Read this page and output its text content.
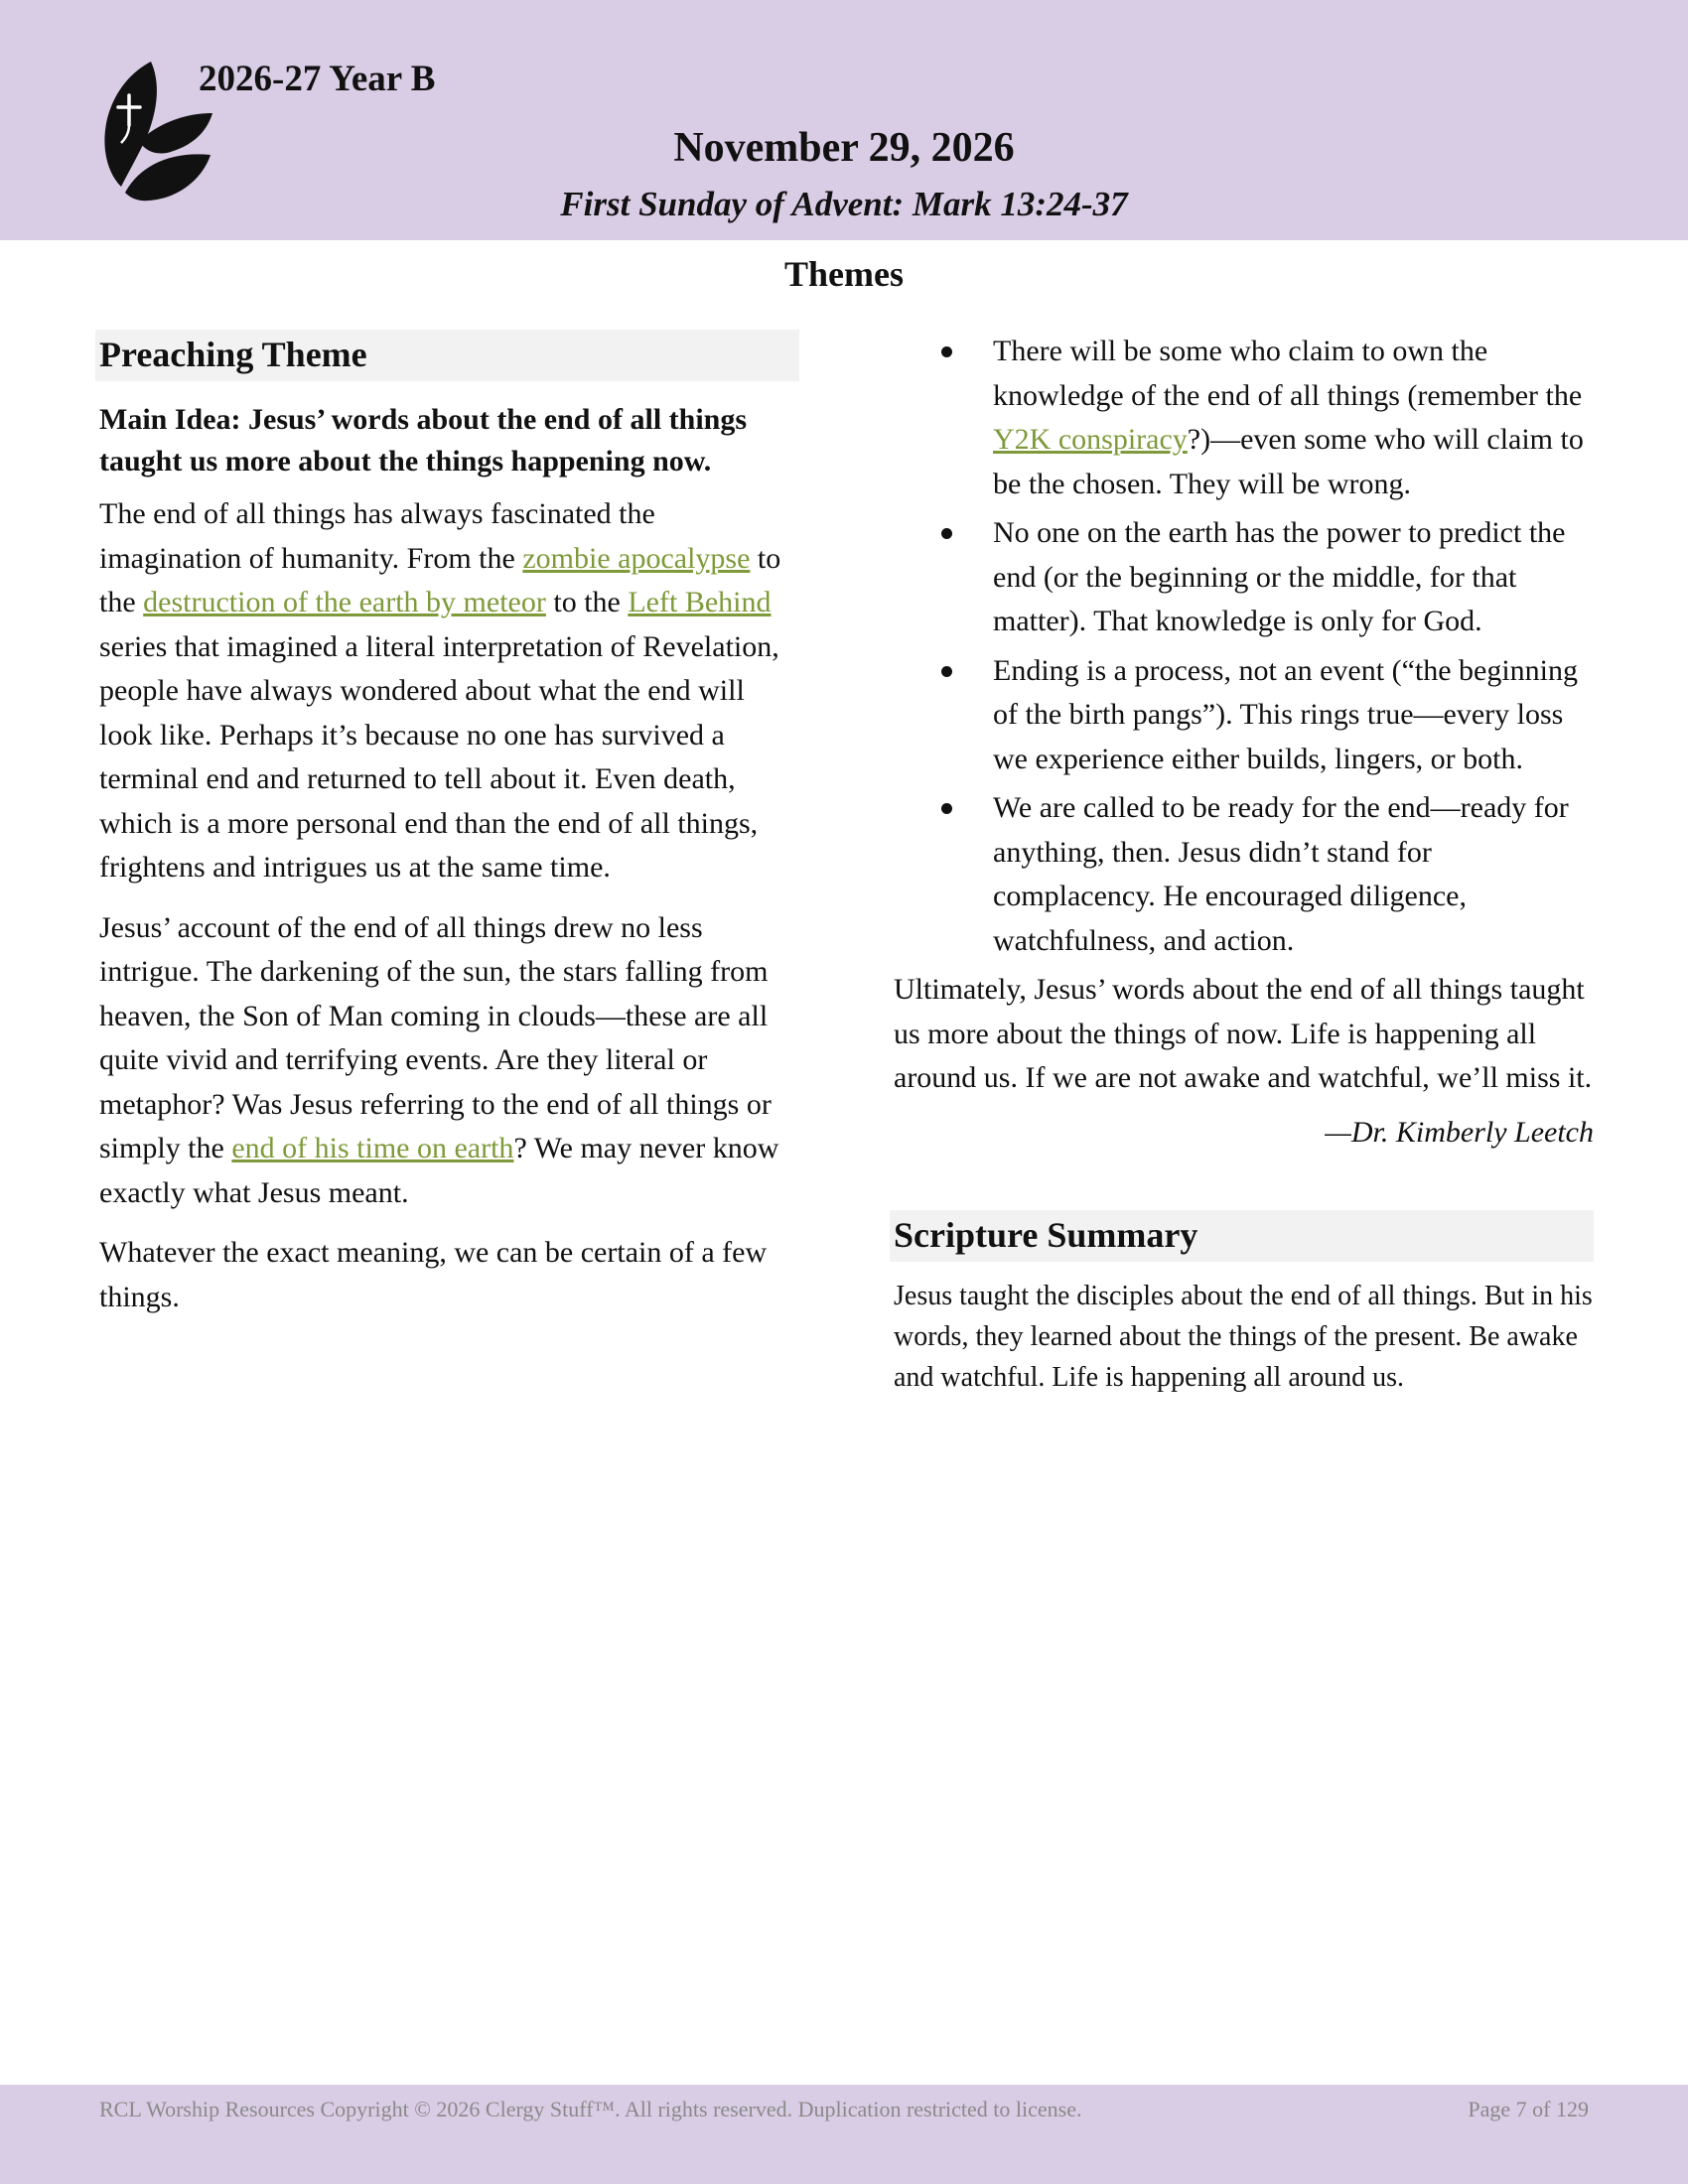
2026-27 Year B
November 29, 2026
First Sunday of Advent: Mark 13:24-37
Themes
Preaching Theme
Main Idea: Jesus’ words about the end of all things taught us more about the things happening now.

The end of all things has always fascinated the imagination of humanity. From the zombie apocalypse to the destruction of the earth by meteor to the Left Behind series that imagined a literal interpretation of Revelation, people have always wondered about what the end will look like. Perhaps it’s because no one has survived a terminal end and returned to tell about it. Even death, which is a more personal end than the end of all things, frightens and intrigues us at the same time.

Jesus’ account of the end of all things drew no less intrigue. The darkening of the sun, the stars falling from heaven, the Son of Man coming in clouds—these are all quite vivid and terrifying events. Are they literal or metaphor? Was Jesus referring to the end of all things or simply the end of his time on earth? We may never know exactly what Jesus meant.

Whatever the exact meaning, we can be certain of a few things.

There will be some who claim to own the knowledge of the end of all things (remember the Y2K conspiracy?)—even some who will claim to be the chosen. They will be wrong.
No one on the earth has the power to predict the end (or the beginning or the middle, for that matter). That knowledge is only for God.
Ending is a process, not an event (“the beginning of the birth pangs”). This rings true—every loss we experience either builds, lingers, or both.
We are called to be ready for the end—ready for anything, then. Jesus didn’t stand for complacency. He encouraged diligence, watchfulness, and action.
Ultimately, Jesus’ words about the end of all things taught us more about the things of now. Life is happening all around us. If we are not awake and watchful, we’ll miss it.
—Dr. Kimberly Leetch
Scripture Summary
Jesus taught the disciples about the end of all things. But in his words, they learned about the things of the present. Be awake and watchful. Life is happening all around us.
RCL Worship Resources Copyright © 2026 Clergy Stuff™. All rights reserved. Duplication restricted to license.	Page 7 of 129
